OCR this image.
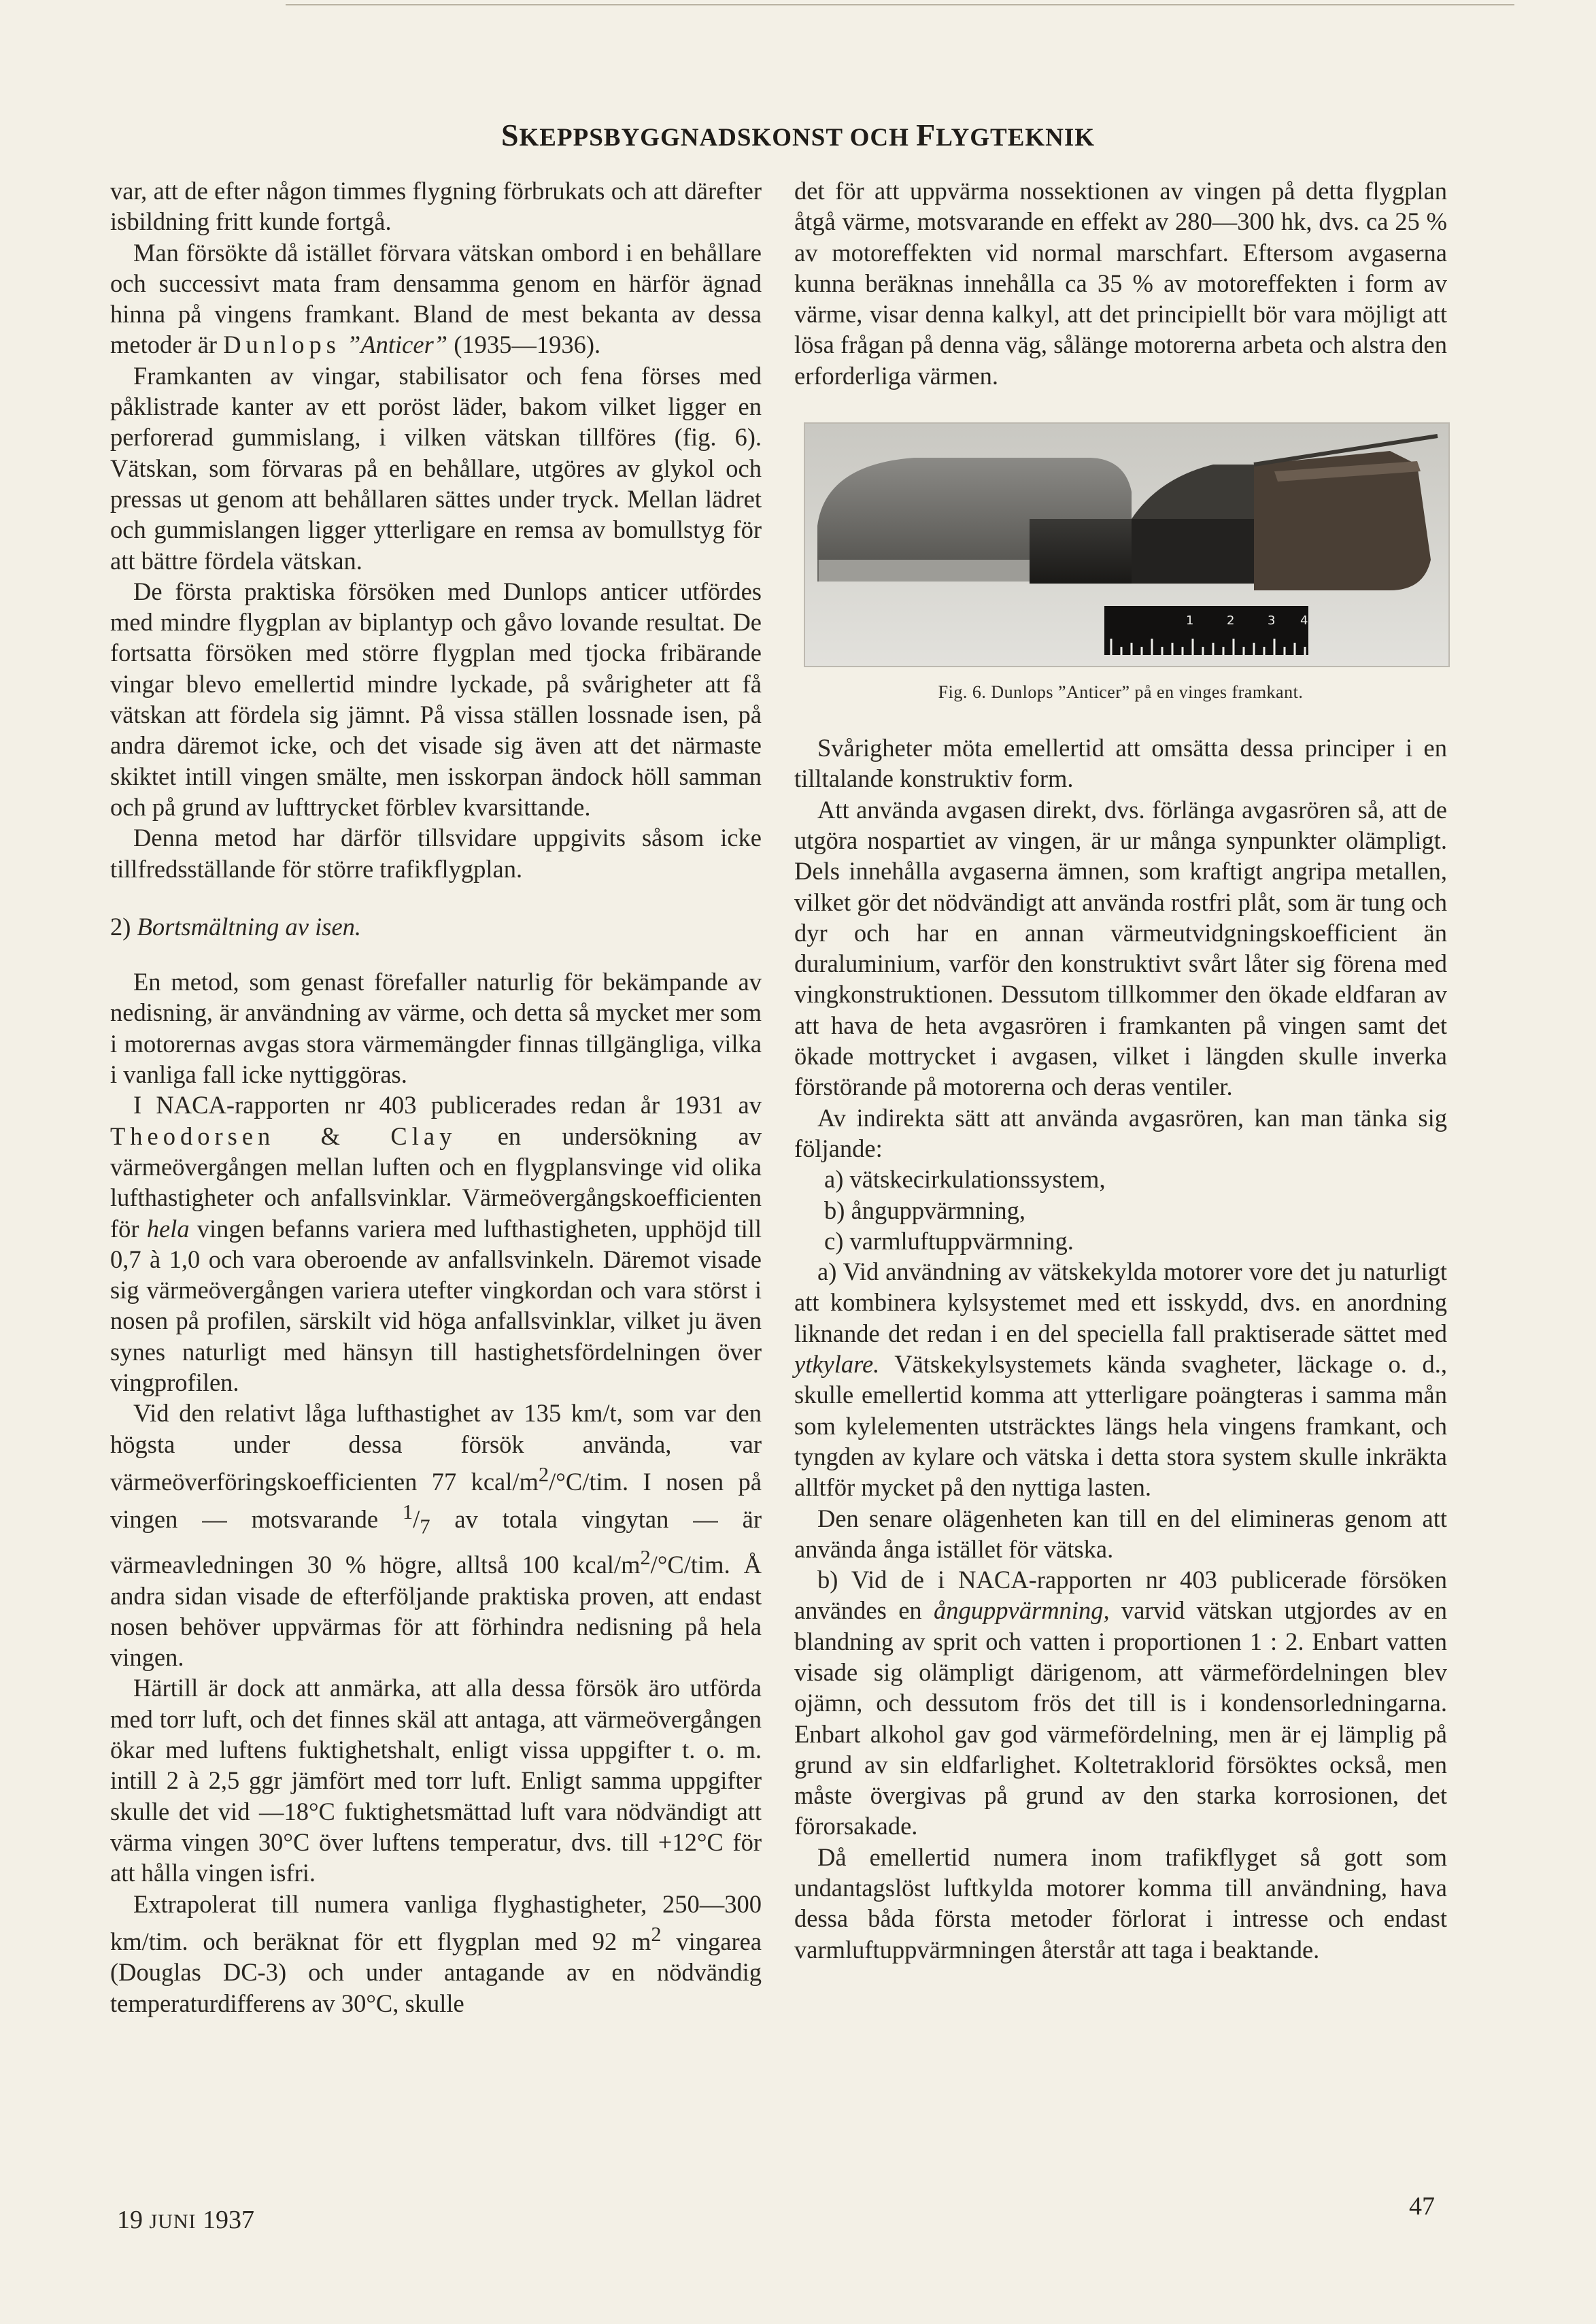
SKEPPSBYGGNADSKONST OCH FLYGTEKNIK

var, att de efter någon timmes flygning förbrukats och att därefter isbildning fritt kunde fortgå.

Man försökte då istället förvara vätskan ombord i en behållare och successivt mata fram densamma genom en härför ägnad hinna på vingens framkant. Bland de mest bekanta av dessa metoder är Dunlops ”Anticer” (1935—1936).

Framkanten av vingar, stabilisator och fena förses med påklistrade kanter av ett poröst läder, bakom vilket ligger en perforerad gummislang, i vilken vätskan tillföres (fig. 6). Vätskan, som förvaras på en behållare, utgöres av glykol och pressas ut genom att behållaren sättes under tryck. Mellan lädret och gummislangen ligger ytterligare en remsa av bomullstyg för att bättre fördela vätskan.

De första praktiska försöken med Dunlops anticer utfördes med mindre flygplan av biplantyp och gåvo lovande resultat. De fortsatta försöken med större flygplan med tjocka fribärande vingar blevo emellertid mindre lyckade, på svårigheter att få vätskan att fördela sig jämnt. På vissa ställen lossnade isen, på andra däremot icke, och det visade sig även att det närmaste skiktet intill vingen smälte, men isskorpan ändock höll samman och på grund av lufttrycket förblev kvarsittande.

Denna metod har därför tillsvidare uppgivits såsom icke tillfredsställande för större trafikflygplan.

2) Bortsmältning av isen.

En metod, som genast förefaller naturlig för bekämpande av nedisning, är användning av värme, och detta så mycket mer som i motorernas avgas stora värmemängder finnas tillgängliga, vilka i vanliga fall icke nyttiggöras.

I NACA-rapporten nr 403 publicerades redan år 1931 av Theodorsen & Clay en undersökning av värmeövergången mellan luften och en flygplansvinge vid olika lufthastigheter och anfallsvinklar. Värmeövergångskoefficienten för hela vingen befanns variera med lufthastigheten, upphöjd till 0,7 à 1,0 och vara oberoende av anfallsvinkeln. Däremot visade sig värmeövergången variera utefter vingkordan och vara störst i nosen på profilen, särskilt vid höga anfallsvinklar, vilket ju även synes naturligt med hänsyn till hastighetsfördelningen över vingprofilen.

Vid den relativt låga lufthastighet av 135 km/t, som var den högsta under dessa försök använda, var värmeöverföringskoefficienten 77 kcal/$m^2/^\circ C$/tim. I nosen på vingen — motsvarande $^1/_7$ av totala vingytan — är värmeavledningen 30 % högre, alltså 100 kcal/$m^2/^\circ C$/tim. Å andra sidan visade de efterföljande praktiska proven, att endast nosen behöver uppvärmas för att förhindra nedisning på hela vingen.

Härtill är dock att anmärka, att alla dessa försök äro utförda med torr luft, och det finnes skäl att antaga, att värmeövergången ökar med luftens fuktighetshalt, enligt vissa uppgifter t. o. m. intill 2 à 2,5 ggr jämfört med torr luft. Enligt samma uppgifter skulle det vid —18°C fuktighetsmättad luft vara nödvändigt att värma vingen 30°C över luftens temperatur, dvs. till +12°C för att hålla vingen isfri.

Extrapolerat till numera vanliga flyghastigheter, 250—300 km/tim. och beräknat för ett flygplan med 92 $m^2$ vingarea (Douglas DC-3) och under antagande av en nödvändig temperaturdifferens av 30°C, skulle

det för att uppvärma nossektionen av vingen på detta flygplan åtgå värme, motsvarande en effekt av 280—300 hk, dvs. ca 25 % av motoreffekten vid normal marschfart. Eftersom avgaserna kunna beräknas innehålla ca 35 % av motoreffekten i form av värme, visar denna kalkyl, att det principiellt bör vara möjligt att lösa frågan på denna väg, sålänge motorerna arbeta och alstra den erforderliga värmen.

1	2	3 4
Fig. 6. Dunlops ”Anticer” på en vinges framkant.

Svårigheter möta emellertid att omsätta dessa principer i en tilltalande konstruktiv form.

Att använda avgasen direkt, dvs. förlänga avgasrören så, att de utgöra nospartiet av vingen, är ur många synpunkter olämpligt. Dels innehålla avgaserna ämnen, som kraftigt angripa metallen, vilket gör det nödvändigt att använda rostfri plåt, som är tung och dyr och har en annan värmeutvidgningskoefficient än duraluminium, varför den konstruktivt svårt låter sig förena med vingkonstruktionen. Dessutom tillkommer den ökade eldfaran av att hava de heta avgasrören i framkanten på vingen samt det ökade mottrycket i avgasen, vilket i längden skulle inverka förstörande på motorerna och deras ventiler.

Av indirekta sätt att använda avgasrören, kan man tänka sig följande:

a) vätskecirkulationssystem,

b) ånguppvärmning,

c) varmluftuppvärmning.

a) Vid användning av vätskekylda motorer vore det ju naturligt att kombinera kylsystemet med ett isskydd, dvs. en anordning liknande det redan i en del speciella fall praktiserade sättet med ytkylare. Vätskekylsystemets kända svagheter, läckage o. d., skulle emellertid komma att ytterligare poängteras i samma mån som kylelementen utsträcktes längs hela vingens framkant, och tyngden av kylare och vätska i detta stora system skulle inkräkta alltför mycket på den nyttiga lasten.

Den senare olägenheten kan till en del elimineras genom att använda ånga istället för vätska.

b) Vid de i NACA-rapporten nr 403 publicerade försöken användes en ånguppvärmning, varvid vätskan utgjordes av en blandning av sprit och vatten i proportionen 1 : 2. Enbart vatten visade sig olämpligt därigenom, att värmefördelningen blev ojämn, och dessutom frös det till is i kondensorledningarna. Enbart alkohol gav god värmefördelning, men är ej lämplig på grund av sin eldfarlighet. Koltetraklorid försöktes också, men måste övergivas på grund av den starka korrosionen, det förorsakade.

Då emellertid numera inom trafikflyget så gott som undantagslöst luftkylda motorer komma till användning, hava dessa båda första metoder förlorat i intresse och endast varmluftuppvärmningen återstår att taga i beaktande.

19 JUNI 1937	47
